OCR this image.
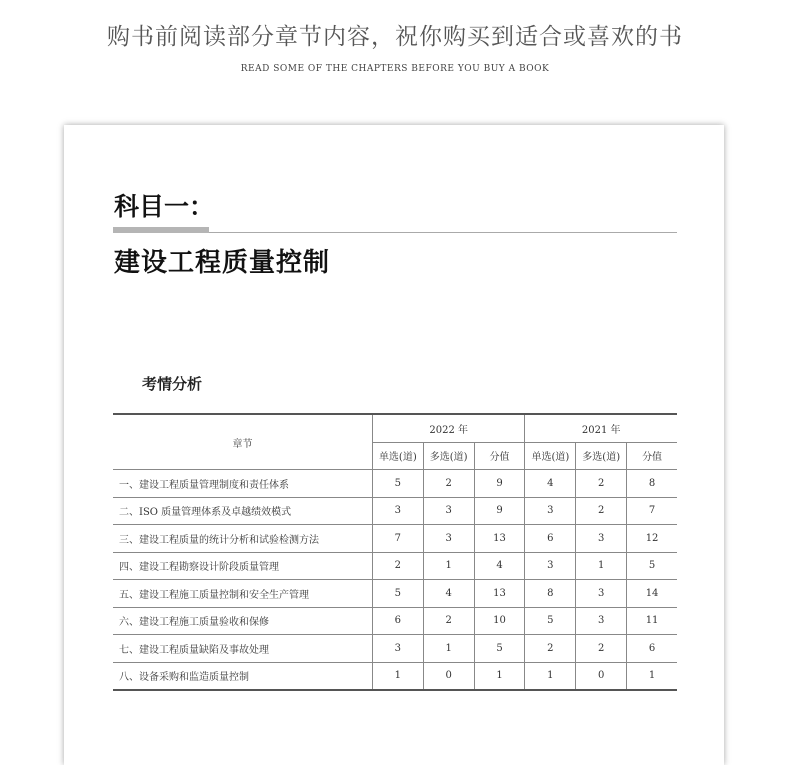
购书前阅读部分章节内容，祝你购买到适合或喜欢的书
READ SOME OF THE CHAPTERS BEFORE YOU BUY A BOOK
科目一：
建设工程质量控制
考情分析
章节	2022 年			2021 年		
	单选(道)	多选(道)	分值	单选(道)	多选(道)	分值
一、建设工程质量管理制度和责任体系	5	2	9	4	2	8
二、ISO 质量管理体系及卓越绩效模式	3	3	9	3	2	7
三、建设工程质量的统计分析和试验检测方法	7	3	13	6	3	12
四、建设工程勘察设计阶段质量管理	2	1	4	3	1	5
五、建设工程施工质量控制和安全生产管理	5	4	13	8	3	14
六、建设工程施工质量验收和保修	6	2	10	5	3	11
七、建设工程质量缺陷及事故处理	3	1	5	2	2	6
八、设备采购和监造质量控制	1	0	1	1	0	1
